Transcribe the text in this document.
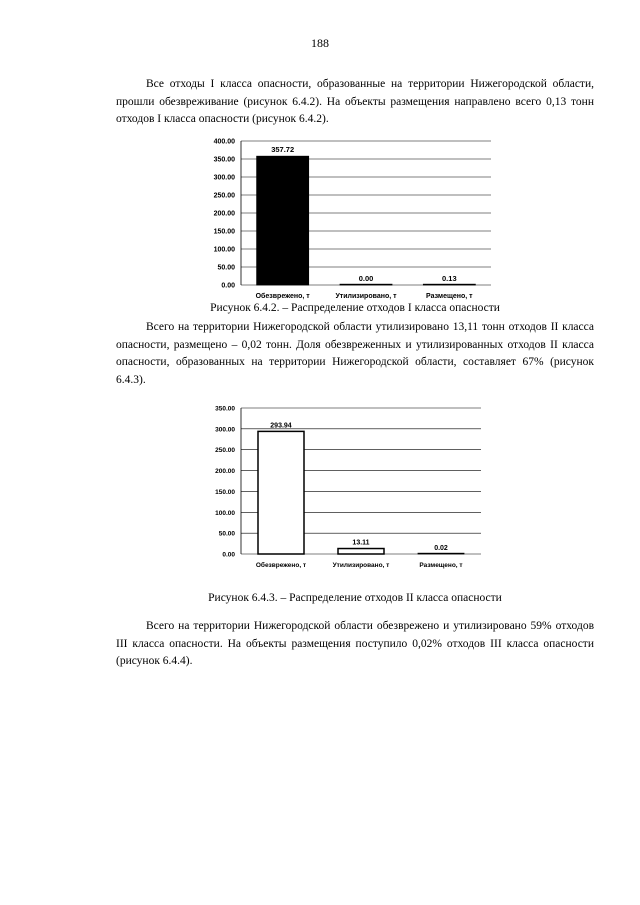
188

Все отходы I класса опасности, образованные на территории Нижегородской области, прошли обезвреживание (рисунок 6.4.2). На объекты размещения направлено всего 0,13 тонн отходов I класса опасности (рисунок 6.4.2).

0.00
50.00
100.00
150.00
200.00
250.00
300.00
350.00
400.00
357.72
Обезврежено, т
0.00
Утилизировано, т
0.13
Размещено, т
Рисунок 6.4.2. – Распределение отходов I класса опасности

Всего на территории Нижегородской области утилизировано 13,11 тонн отходов II класса опасности, размещено – 0,02 тонн. Доля обезвреженных и утилизированных отходов II класса опасности, образованных на территории Нижегородской области, составляет 67% (рисунок 6.4.3).

0.00
50.00
100.00
150.00
200.00
250.00
300.00
350.00
293.94
Обезврежено, т
13.11
Утилизировано, т
0.02
Размещено, т
Рисунок 6.4.3. – Распределение отходов II класса опасности

Всего на территории Нижегородской области обезврежено и утилизировано 59% отходов III класса опасности. На объекты размещения поступило 0,02% отходов III класса опасности (рисунок 6.4.4).
